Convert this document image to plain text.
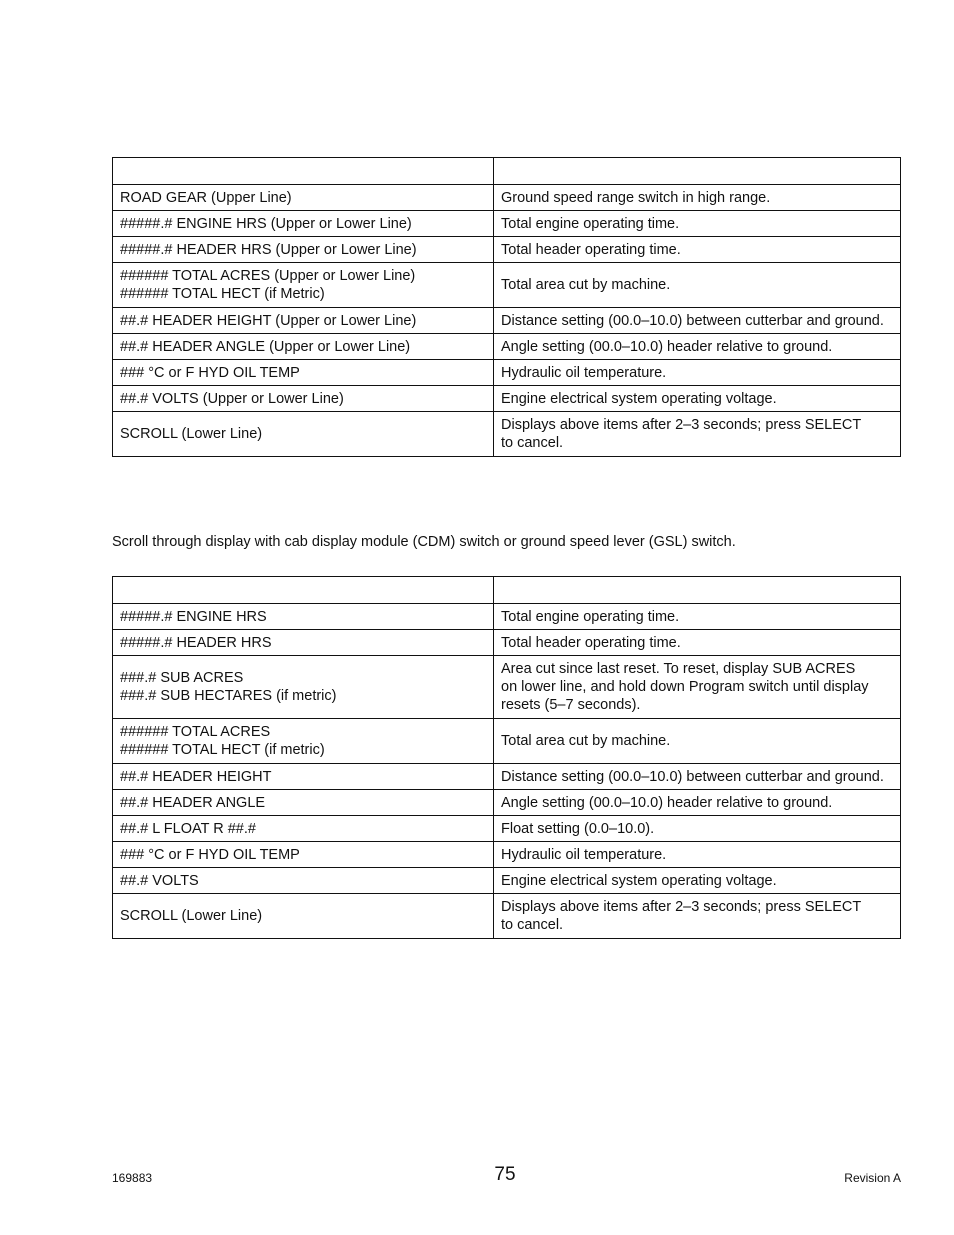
ROAD GEAR (Upper Line)	Ground speed range switch in high range.

#####.# ENGINE HRS (Upper or Lower Line)	Total engine operating time.

#####.# HEADER HRS (Upper or Lower Line)	Total header operating time.

###### TOTAL ACRES (Upper or Lower Line)
###### TOTAL HECT (if Metric)	Total area cut by machine.

##.# HEADER HEIGHT (Upper or Lower Line)	Distance setting (00.0–10.0) between cutterbar and ground.

##.# HEADER ANGLE (Upper or Lower Line)	Angle setting (00.0–10.0) header relative to ground.

### °C or F HYD OIL TEMP	Hydraulic oil temperature.

##.# VOLTS (Upper or Lower Line)	Engine electrical system operating voltage.

SCROLL (Lower Line)	Displays above items after 2–3 seconds; press SELECT
to cancel.

Scroll through display with cab display module (CDM) switch or ground speed lever (GSL) switch.

#####.# ENGINE HRS	Total engine operating time.

#####.# HEADER HRS	Total header operating time.

###.# SUB ACRES
###.# SUB HECTARES (if metric)	Area cut since last reset. To reset, display SUB ACRES
on lower line, and hold down Program switch until display
resets (5–7 seconds).

###### TOTAL ACRES
###### TOTAL HECT (if metric)	Total area cut by machine.

##.# HEADER HEIGHT	Distance setting (00.0–10.0) between cutterbar and ground.

##.# HEADER ANGLE	Angle setting (00.0–10.0) header relative to ground.

##.# L FLOAT R ##.#	Float setting (0.0–10.0).

### °C or F HYD OIL TEMP	Hydraulic oil temperature.

##.# VOLTS	Engine electrical system operating voltage.

SCROLL (Lower Line)	Displays above items after 2–3 seconds; press SELECT
to cancel.
169883	75	Revision A
